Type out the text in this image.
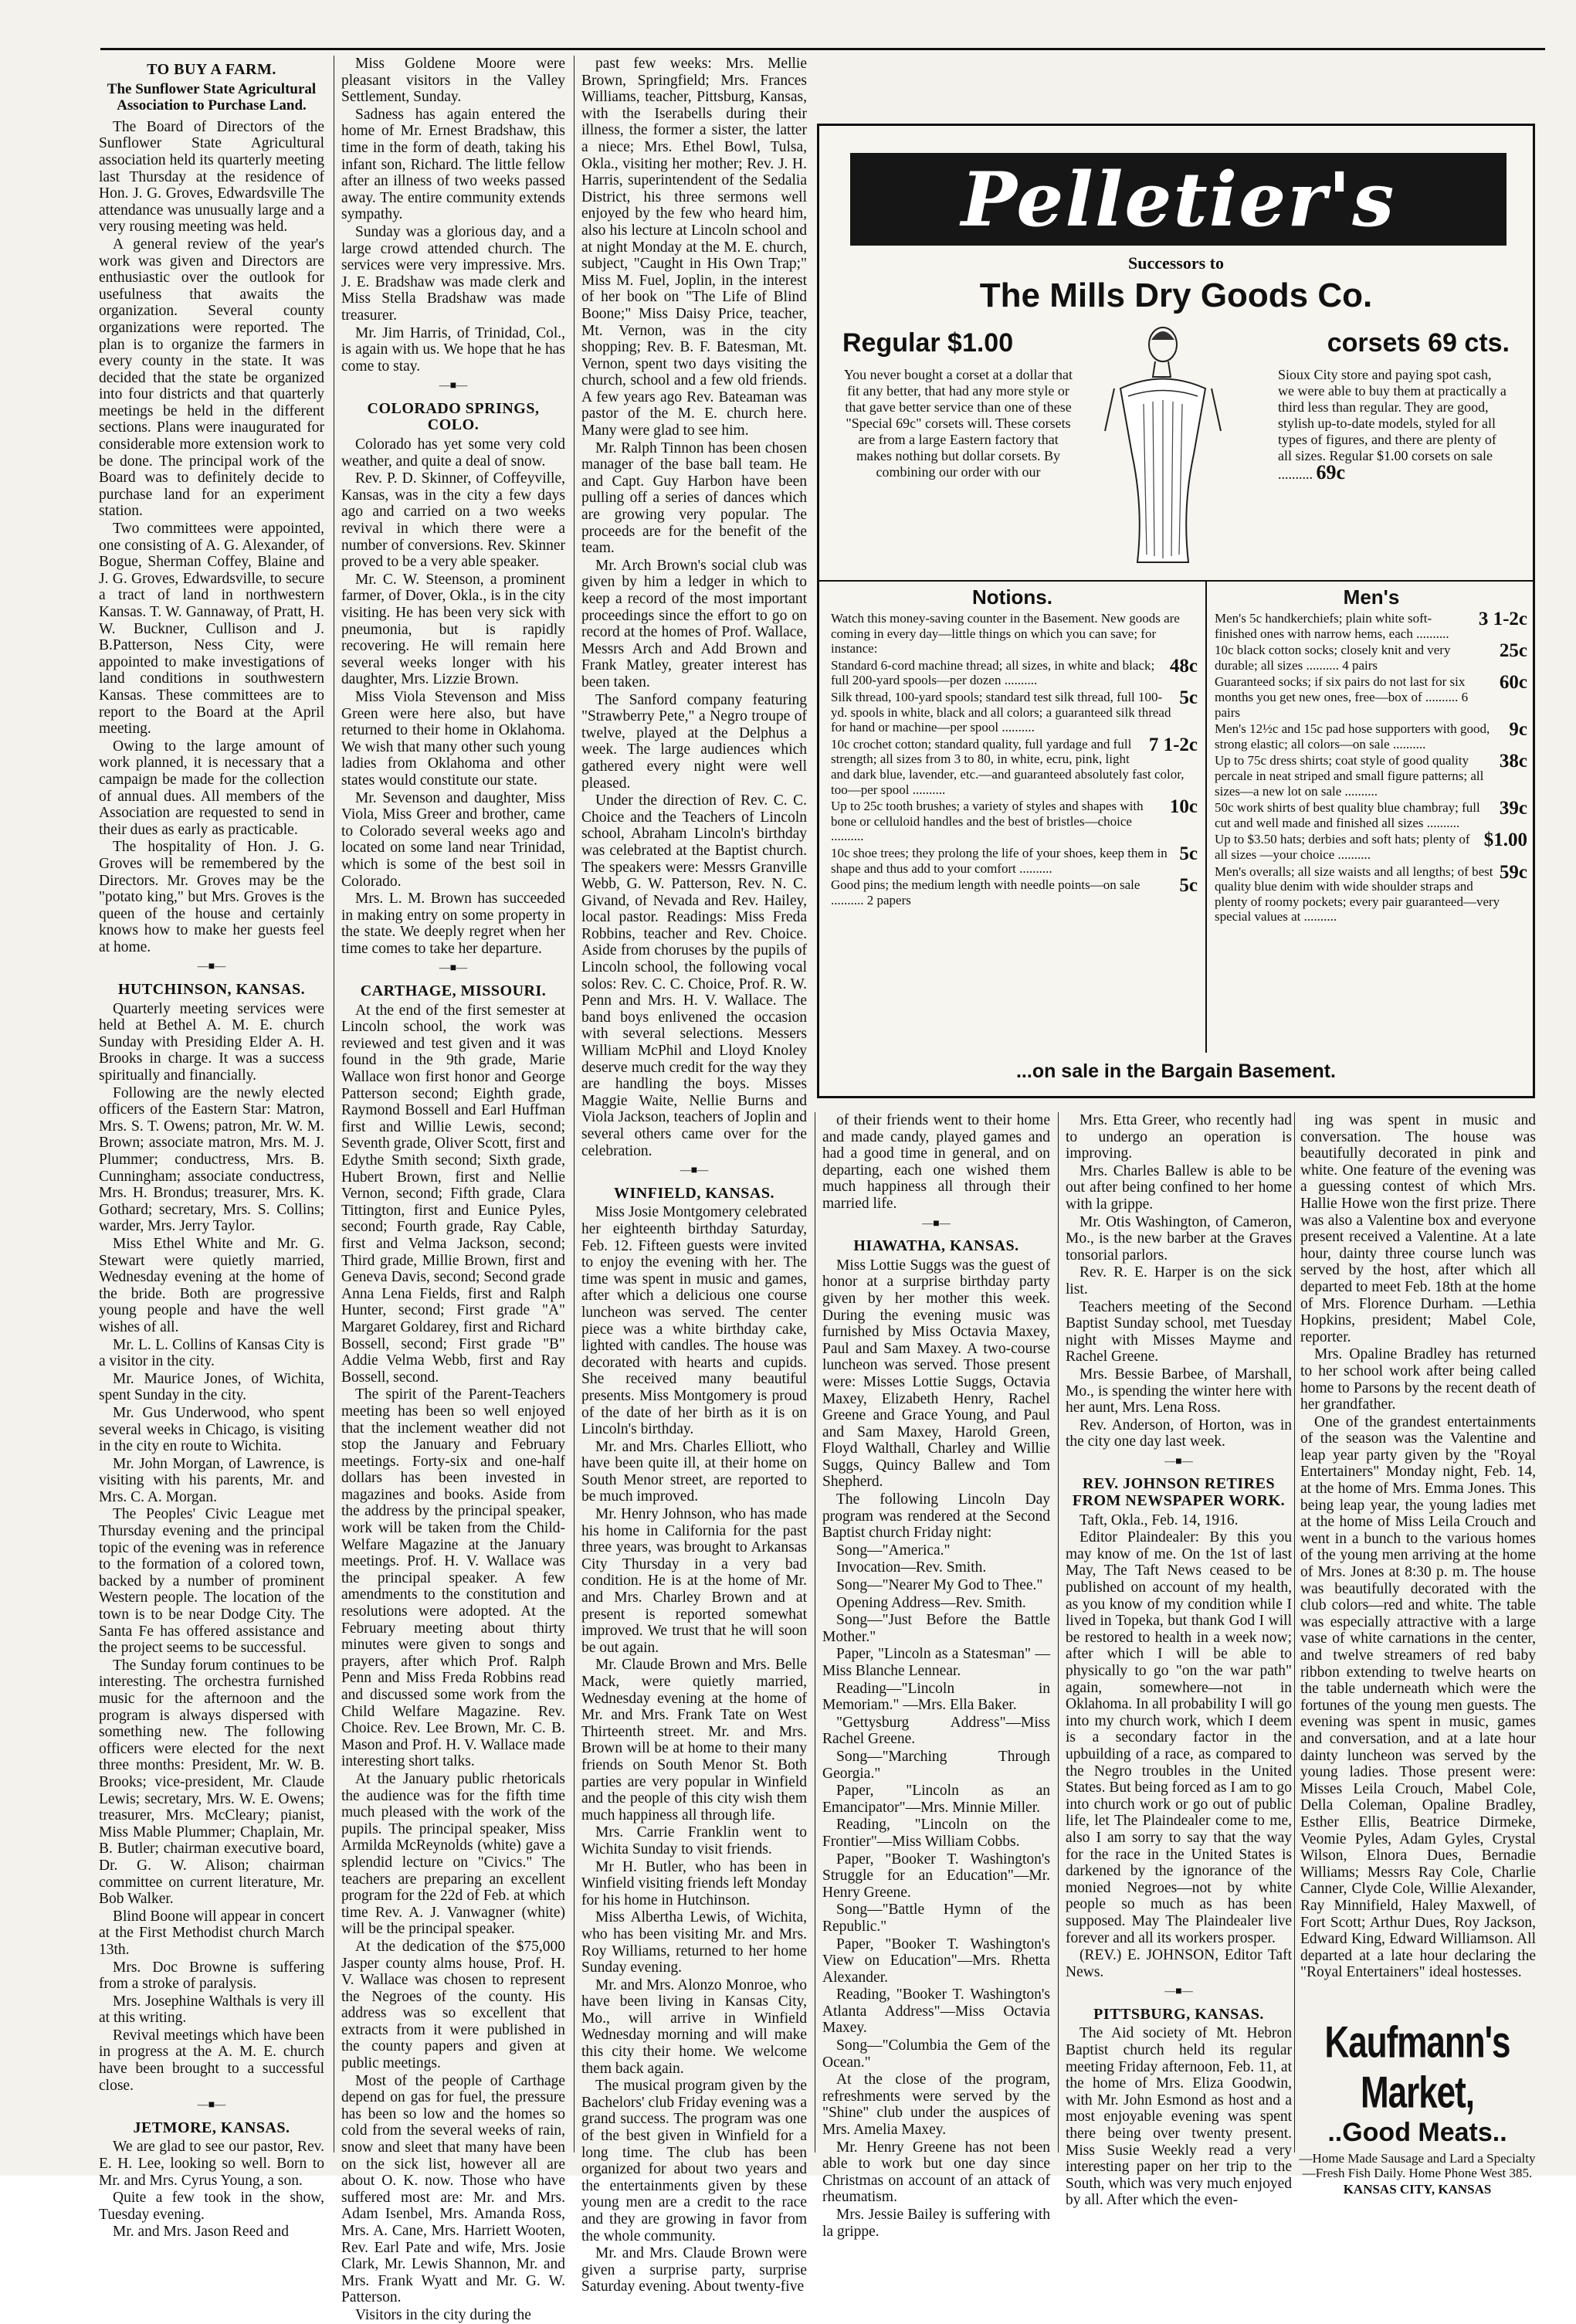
TO BUY A FARM.
The Sunflower State Agricultural Association to Purchase Land.

The Board of Directors of the Sunflower State Agricultural association held its quarterly meeting last Thursday at the residence of Hon. J. G. Groves, Edwardsville The attendance was unusually large and a very rousing meeting was held.

A general review of the year's work was given and Directors are enthusiastic over the outlook for usefulness that awaits the organization. Several county organizations were reported. The plan is to organize the farmers in every county in the state. It was decided that the state be organized into four districts and that quarterly meetings be held in the different sections. Plans were inaugurated for considerable more extension work to be done. The principal work of the Board was to definitely decide to purchase land for an experiment station.

Two committees were appointed, one consisting of A. G. Alexander, of Bogue, Sherman Coffey, Blaine and J. G. Groves, Edwardsville, to secure a tract of land in northwestern Kansas. T. W. Gannaway, of Pratt, H. W. Buckner, Cullison and J. B.Patterson, Ness City, were appointed to make investigations of land conditions in southwestern Kansas. These committees are to report to the Board at the April meeting.

Owing to the large amount of work planned, it is necessary that a campaign be made for the collection of annual dues. All members of the Association are requested to send in their dues as early as practicable.

The hospitality of Hon. J. G. Groves will be remembered by the Directors. Mr. Groves may be the "potato king," but Mrs. Groves is the queen of the house and certainly knows how to make her guests feel at home.

—■—
HUTCHINSON, KANSAS.

Quarterly meeting services were held at Bethel A. M. E. church Sunday with Presiding Elder A. H. Brooks in charge. It was a success spiritually and financially.

Following are the newly elected officers of the Eastern Star: Matron, Mrs. S. T. Owens; patron, Mr. W. M. Brown; associate matron, Mrs. M. J. Plummer; conductress, Mrs. B. Cunningham; associate conductress, Mrs. H. Brondus; treasurer, Mrs. K. Gothard; secretary, Mrs. S. Collins; warder, Mrs. Jerry Taylor.

Miss Ethel White and Mr. G. Stewart were quietly married, Wednesday evening at the home of the bride. Both are progressive young people and have the well wishes of all.

Mr. L. L. Collins of Kansas City is a visitor in the city.

Mr. Maurice Jones, of Wichita, spent Sunday in the city.

Mr. Gus Underwood, who spent several weeks in Chicago, is visiting in the city en route to Wichita.

Mr. John Morgan, of Lawrence, is visiting with his parents, Mr. and Mrs. C. A. Morgan.

The Peoples' Civic League met Thursday evening and the principal topic of the evening was in reference to the formation of a colored town, backed by a number of prominent Western people. The location of the town is to be near Dodge City. The Santa Fe has offered assistance and the project seems to be successful.

The Sunday forum continues to be interesting. The orchestra furnished music for the afternoon and the program is always dispersed with something new. The following officers were elected for the next three months: President, Mr. W. B. Brooks; vice-president, Mr. Claude Lewis; secretary, Mrs. W. E. Owens; treasurer, Mrs. McCleary; pianist, Miss Mable Plummer; Chaplain, Mr. B. Butler; chairman executive board, Dr. G. W. Alison; chairman committee on current literature, Mr. Bob Walker.

Blind Boone will appear in concert at the First Methodist church March 13th.

Mrs. Doc Browne is suffering from a stroke of paralysis.

Mrs. Josephine Walthals is very ill at this writing.

Revival meetings which have been in progress at the A. M. E. church have been brought to a successful close.

—■—
JETMORE, KANSAS.

We are glad to see our pastor, Rev. E. H. Lee, looking so well. Born to Mr. and Mrs. Cyrus Young, a son.

Quite a few took in the show, Tuesday evening.

Mr. and Mrs. Jason Reed and

Miss Goldene Moore were pleasant visitors in the Valley Settlement, Sunday.

Sadness has again entered the home of Mr. Ernest Bradshaw, this time in the form of death, taking his infant son, Richard. The little fellow after an illness of two weeks passed away. The entire community extends sympathy.

Sunday was a glorious day, and a large crowd attended church. The services were very impressive. Mrs. J. E. Bradshaw was made clerk and Miss Stella Bradshaw was made treasurer.

Mr. Jim Harris, of Trinidad, Col., is again with us. We hope that he has come to stay.

—■—
COLORADO SPRINGS, COLO.

Colorado has yet some very cold weather, and quite a deal of snow.

Rev. P. D. Skinner, of Coffeyville, Kansas, was in the city a few days ago and carried on a two weeks revival in which there were a number of conversions. Rev. Skinner proved to be a very able speaker.

Mr. C. W. Steenson, a prominent farmer, of Dover, Okla., is in the city visiting. He has been very sick with pneumonia, but is rapidly recovering. He will remain here several weeks longer with his daughter, Mrs. Lizzie Brown.

Miss Viola Stevenson and Miss Green were here also, but have returned to their home in Oklahoma. We wish that many other such young ladies from Oklahoma and other states would constitute our state.

Mr. Sevenson and daughter, Miss Viola, Miss Greer and brother, came to Colorado several weeks ago and located on some land near Trinidad, which is some of the best soil in Colorado.

Mrs. L. M. Brown has succeeded in making entry on some property in the state. We deeply regret when her time comes to take her departure.

—■—
CARTHAGE, MISSOURI.

At the end of the first semester at Lincoln school, the work was reviewed and test given and it was found in the 9th grade, Marie Wallace won first honor and George Patterson second; Eighth grade, Raymond Bossell and Earl Huffman first and Willie Lewis, second; Seventh grade, Oliver Scott, first and Edythe Smith second; Sixth grade, Hubert Brown, first and Nellie Vernon, second; Fifth grade, Clara Tittington, first and Eunice Pyles, second; Fourth grade, Ray Cable, first and Velma Jackson, second; Third grade, Millie Brown, first and Geneva Davis, second; Second grade Anna Lena Fields, first and Ralph Hunter, second; First grade "A" Margaret Goldarey, first and Richard Bossell, second; First grade "B" Addie Velma Webb, first and Ray Bossell, second.

The spirit of the Parent-Teachers meeting has been so well enjoyed that the inclement weather did not stop the January and February meetings. Forty-six and one-half dollars has been invested in magazines and books. Aside from the address by the principal speaker, work will be taken from the Child-Welfare Magazine at the January meetings. Prof. H. V. Wallace was the principal speaker. A few amendments to the constitution and resolutions were adopted. At the February meeting about thirty minutes were given to songs and prayers, after which Prof. Ralph Penn and Miss Freda Robbins read and discussed some work from the Child Welfare Magazine. Rev. Choice. Rev. Lee Brown, Mr. C. B. Mason and Prof. H. V. Wallace made interesting short talks.

At the January public rhetoricals the audience was for the fifth time much pleased with the work of the pupils. The principal speaker, Miss Armilda McReynolds (white) gave a splendid lecture on "Civics." The teachers are preparing an excellent program for the 22d of Feb. at which time Rev. A. J. Vanwagner (white) will be the principal speaker.

At the dedication of the $75,000 Jasper county alms house, Prof. H. V. Wallace was chosen to represent the Negroes of the county. His address was so excellent that extracts from it were published in the county papers and given at public meetings.

Most of the people of Carthage depend on gas for fuel, the pressure has been so low and the homes so cold from the several weeks of rain, snow and sleet that many have been on the sick list, however all are about O. K. now. Those who have suffered most are: Mr. and Mrs. Adam Isenbel, Mrs. Amanda Ross, Mrs. A. Cane, Mrs. Harriett Wooten, Rev. Earl Pate and wife, Mrs. Josie Clark, Mr. Lewis Shannon, Mr. and Mrs. Frank Wyatt and Mr. G. W. Patterson.

Visitors in the city during the

past few weeks: Mrs. Mellie Brown, Springfield; Mrs. Frances Williams, teacher, Pittsburg, Kansas, with the Iserabells during their illness, the former a sister, the latter a niece; Mrs. Ethel Bowl, Tulsa, Okla., visiting her mother; Rev. J. H. Harris, superintendent of the Sedalia District, his three sermons well enjoyed by the few who heard him, also his lecture at Lincoln school and at night Monday at the M. E. church, subject, "Caught in His Own Trap;" Miss M. Fuel, Joplin, in the interest of her book on "The Life of Blind Boone;" Miss Daisy Price, teacher, Mt. Vernon, was in the city shopping; Rev. B. F. Batesman, Mt. Vernon, spent two days visiting the church, school and a few old friends. A few years ago Rev. Bateaman was pastor of the M. E. church here. Many were glad to see him.

Mr. Ralph Tinnon has been chosen manager of the base ball team. He and Capt. Guy Harbon have been pulling off a series of dances which are growing very popular. The proceeds are for the benefit of the team.

Mr. Arch Brown's social club was given by him a ledger in which to keep a record of the most important proceedings since the effort to go on record at the homes of Prof. Wallace, Messrs Arch and Add Brown and Frank Matley, greater interest has been taken.

The Sanford company featuring "Strawberry Pete," a Negro troupe of twelve, played at the Delphus a week. The large audiences which gathered every night were well pleased.

Under the direction of Rev. C. C. Choice and the Teachers of Lincoln school, Abraham Lincoln's birthday was celebrated at the Baptist church. The speakers were: Messrs Granville Webb, G. W. Patterson, Rev. N. C. Givand, of Nevada and Rev. Hailey, local pastor. Readings: Miss Freda Robbins, teacher and Rev. Choice. Aside from choruses by the pupils of Lincoln school, the following vocal solos: Rev. C. C. Choice, Prof. R. W. Penn and Mrs. H. V. Wallace. The band boys enlivened the occasion with several selections. Messers William McPhil and Lloyd Knoley deserve much credit for the way they are handling the boys. Misses Maggie Waite, Nellie Burns and Viola Jackson, teachers of Joplin and several others came over for the celebration.

—■—
WINFIELD, KANSAS.

Miss Josie Montgomery celebrated her eighteenth birthday Saturday, Feb. 12. Fifteen guests were invited to enjoy the evening with her. The time was spent in music and games, after which a delicious one course luncheon was served. The center piece was a white birthday cake, lighted with candles. The house was decorated with hearts and cupids. She received many beautiful presents. Miss Montgomery is proud of the date of her birth as it is on Lincoln's birthday.

Mr. and Mrs. Charles Elliott, who have been quite ill, at their home on South Menor street, are reported to be much improved.

Mr. Henry Johnson, who has made his home in California for the past three years, was brought to Arkansas City Thursday in a very bad condition. He is at the home of Mr. and Mrs. Charley Brown and at present is reported somewhat improved. We trust that he will soon be out again.

Mr. Claude Brown and Mrs. Belle Mack, were quietly married, Wednesday evening at the home of Mr. and Mrs. Frank Tate on West Thirteenth street. Mr. and Mrs. Brown will be at home to their many friends on South Menor St. Both parties are very popular in Winfield and the people of this city wish them much happiness all through life.

Mrs. Carrie Franklin went to Wichita Sunday to visit friends.

Mr H. Butler, who has been in Winfield visiting friends left Monday for his home in Hutchinson.

Miss Albertha Lewis, of Wichita, who has been visiting Mr. and Mrs. Roy Williams, returned to her home Sunday evening.

Mr. and Mrs. Alonzo Monroe, who have been living in Kansas City, Mo., will arrive in Winfield Wednesday morning and will make this city their home. We welcome them back again.

The musical program given by the Bachelors' club Friday evening was a grand success. The program was one of the best given in Winfield for a long time. The club has been organized for about two years and the entertainments given by these young men are a credit to the race and they are growing in favor from the whole community.

Mr. and Mrs. Claude Brown were given a surprise party, surprise Saturday evening. About twenty-five

Pelletier's
Successors to
The Mills Dry Goods Co.
Regular $1.00	corsets 69 cts.
You never bought a corset at a dollar that fit any better, that had any more style or that gave better service than one of these "Special 69c" corsets will. These corsets are from a large Eastern factory that makes nothing but dollar corsets. By combining our order with our
Sioux City store and paying spot cash, we were able to buy them at practically a third less than regular. They are good, stylish up-to-date models, styled for all types of figures, and there are plenty of all sizes. Regular $1.00 corsets on sale .......... 69c
Notions.	Men's
Watch this money-saving counter in the Basement. New goods are coming in every day—little things on which you can save; for instance:
48c
Standard 6-cord machine thread; all sizes, in white and black; full 200-yard spools—per dozen ..........
5c
Silk thread, 100-yard spools; standard test silk thread, full 100-yd. spools in white, black and all colors; a guaranteed silk thread for hand or machine—per spool ..........
7 1-2c
10c crochet cotton; standard quality, full yardage and full strength; all sizes from 3 to 80, in white, ecru, pink, light and dark blue, lavender, etc.—and guaranteed absolutely fast color, too—per spool ..........
10c
Up to 25c tooth brushes; a variety of styles and shapes with bone or celluloid handles and the best of bristles—choice ..........
5c
10c shoe trees; they prolong the life of your shoes, keep them in shape and thus add to your comfort ..........
5c
Good pins; the medium length with needle points—on sale .......... 2 papers
3 1-2c
Men's 5c handkerchiefs; plain white soft-finished ones with narrow hems, each ..........
25c
10c black cotton socks; closely knit and very durable; all sizes .......... 4 pairs
60c
Guaranteed socks; if six pairs do not last for six months you get new ones, free—box of .......... 6 pairs
9c
Men's 12½c and 15c pad hose supporters with good, strong elastic; all colors—on sale ..........
38c
Up to 75c dress shirts; coat style of good quality percale in neat striped and small figure patterns; all sizes—a new lot on sale ..........
39c
50c work shirts of best quality blue chambray; full cut and well made and finished all sizes ..........
$1.00
Up to $3.50 hats; derbies and soft hats; plenty of all sizes —your choice ..........
59c
Men's overalls; all size waists and all lengths; of best quality blue denim with wide shoulder straps and plenty of roomy pockets; every pair guaranteed—very special values at ..........
...on sale in the Bargain Basement.

of their friends went to their home and made candy, played games and had a good time in general, and on departing, each one wished them much happiness all through their married life.

—■—
HIAWATHA, KANSAS.

Miss Lottie Suggs was the guest of honor at a surprise birthday party given by her mother this week. During the evening music was furnished by Miss Octavia Maxey, Paul and Sam Maxey. A two-course luncheon was served. Those present were: Misses Lottie Suggs, Octavia Maxey, Elizabeth Henry, Rachel Greene and Grace Young, and Paul and Sam Maxey, Harold Green, Floyd Walthall, Charley and Willie Suggs, Quincy Ballew and Tom Shepherd.

The following Lincoln Day program was rendered at the Second Baptist church Friday night:

Song—"America."

Invocation—Rev. Smith.

Song—"Nearer My God to Thee."

Opening Address—Rev. Smith.

Song—"Just Before the Battle Mother."

Paper, "Lincoln as a Statesman" —Miss Blanche Lennear.

Reading—"Lincoln in Memoriam." —Mrs. Ella Baker.

"Gettysburg Address"—Miss Rachel Greene.

Song—"Marching Through Georgia."

Paper, "Lincoln as an Emancipator"—Mrs. Minnie Miller.

Reading, "Lincoln on the Frontier"—Miss William Cobbs.

Paper, "Booker T. Washington's Struggle for an Education"—Mr. Henry Greene.

Song—"Battle Hymn of the Republic."

Paper, "Booker T. Washington's View on Education"—Mrs. Rhetta Alexander.

Reading, "Booker T. Washington's Atlanta Address"—Miss Octavia Maxey.

Song—"Columbia the Gem of the Ocean."

At the close of the program, refreshments were served by the "Shine" club under the auspices of Mrs. Amelia Maxey.

Mr. Henry Greene has not been able to work but one day since Christmas on account of an attack of rheumatism.

Mrs. Jessie Bailey is suffering with la grippe.

Mrs. Etta Greer, who recently had to undergo an operation is improving.

Mrs. Charles Ballew is able to be out after being confined to her home with la grippe.

Mr. Otis Washington, of Cameron, Mo., is the new barber at the Graves tonsorial parlors.

Rev. R. E. Harper is on the sick list.

Teachers meeting of the Second Baptist Sunday school, met Tuesday night with Misses Mayme and Rachel Greene.

Mrs. Bessie Barbee, of Marshall, Mo., is spending the winter here with her aunt, Mrs. Lena Ross.

Rev. Anderson, of Horton, was in the city one day last week.

—■—
REV. JOHNSON RETIRES FROM NEWSPAPER WORK.

Taft, Okla., Feb. 14, 1916.

Editor Plaindealer: By this you may know of me. On the 1st of last May, The Taft News ceased to be published on account of my health, as you know of my condition while I lived in Topeka, but thank God I will be restored to health in a week now; after which I will be able to physically to go "on the war path" again, somewhere—not in Oklahoma. In all probability I will go into my church work, which I deem is a secondary factor in the upbuilding of a race, as compared to the Negro troubles in the United States. But being forced as I am to go into church work or go out of public life, let The Plaindealer come to me, also I am sorry to say that the way for the race in the United States is darkened by the ignorance of the monied Negroes—not by white people so much as has been supposed. May The Plaindealer live forever and all its workers prosper.

(REV.) E. JOHNSON, Editor Taft News.

—■—
PITTSBURG, KANSAS.

The Aid society of Mt. Hebron Baptist church held its regular meeting Friday afternoon, Feb. 11, at the home of Mrs. Eliza Goodwin, with Mr. John Esmond as host and a most enjoyable evening was spent there being over twenty present. Miss Susie Weekly read a very interesting paper on her trip to the South, which was very much enjoyed by all. After which the even-

ing was spent in music and conversation. The house was beautifully decorated in pink and white. One feature of the evening was a guessing contest of which Mrs. Hallie Howe won the first prize. There was also a Valentine box and everyone present received a Valentine. At a late hour, dainty three course lunch was served by the host, after which all departed to meet Feb. 18th at the home of Mrs. Florence Durham. —Lethia Hopkins, president; Mabel Cole, reporter.

Mrs. Opaline Bradley has returned to her school work after being called home to Parsons by the recent death of her grandfather.

One of the grandest entertainments of the season was the Valentine and leap year party given by the "Royal Entertainers" Monday night, Feb. 14, at the home of Mrs. Emma Jones. This being leap year, the young ladies met at the home of Miss Leila Crouch and went in a bunch to the various homes of the young men arriving at the home of Mrs. Jones at 8:30 p. m. The house was beautifully decorated with the club colors—red and white. The table was especially attractive with a large vase of white carnations in the center, and twelve streamers of red baby ribbon extending to twelve hearts on the table underneath which were the fortunes of the young men guests. The evening was spent in music, games and conversation, and at a late hour dainty luncheon was served by the young ladies. Those present were: Misses Leila Crouch, Mabel Cole, Della Coleman, Opaline Bradley, Esther Ellis, Beatrice Dirmeke, Veomie Pyles, Adam Gyles, Crystal Wilson, Elnora Dues, Bernadie Williams; Messrs Ray Cole, Charlie Canner, Clyde Cole, Willie Alexander, Ray Minnifield, Haley Maxwell, of Fort Scott; Arthur Dues, Roy Jackson, Edward King, Edward Williamson. All departed at a late hour declaring the "Royal Entertainers" ideal hostesses.

Kaufmann's Market,
..Good Meats..
—Home Made Sausage and Lard a Specialty—Fresh Fish Daily. Home Phone West 385.
KANSAS CITY, KANSAS
